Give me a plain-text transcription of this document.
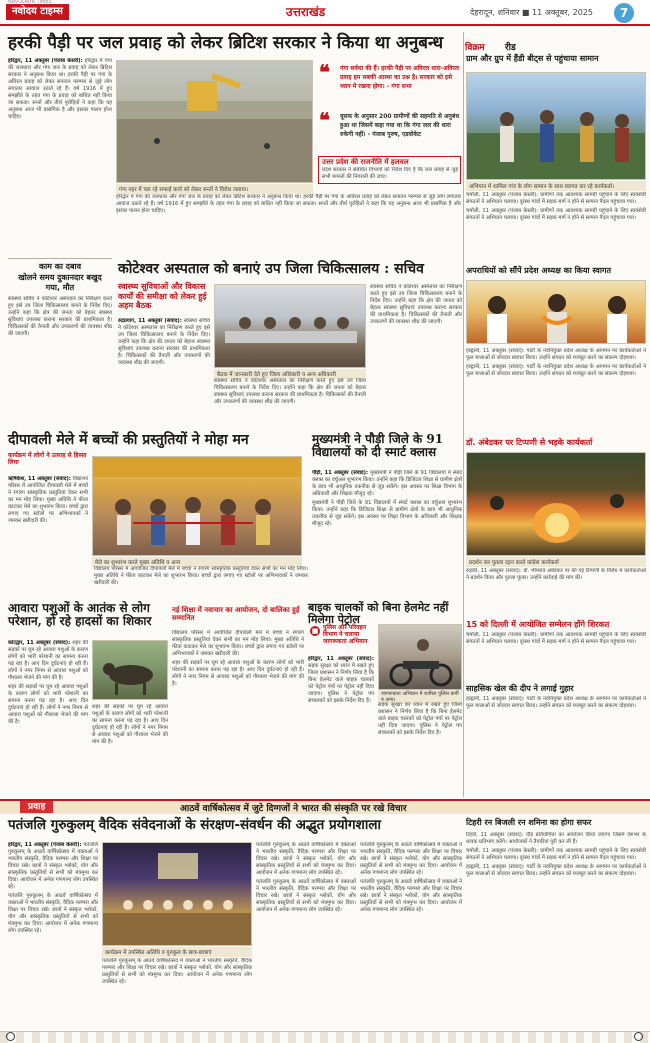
नवोदय टाइम्स
NAVODAYA TIMES
उत्तराखंड	देहरादून, शनिवार ■ 11 अक्तूबर, 2025	7
हरकी पैड़ी पर जल प्रवाह को लेकर ब्रिटिश सरकार ने किया था अनुबन्ध

हरिद्वार, 11 अक्तूबर (पंजाब केसरी): हरिद्वार में गंगा की जलधारा और गंगा जल के प्रवाह को लेकर ब्रिटिश सरकार ने अनुबन्ध किया था। हरकी पैड़ी पर गंगा के अविरल प्रवाह को लेकर सनातन परम्परा से जुड़े लोग लगातार आवाज उठाते रहे हैं। वर्ष 1916 में हुए समझौते के तहत गंगा के प्रवाह को बाधित नहीं किया जा सकता। सन्तों और तीर्थ पुरोहितों ने कहा कि यह अनुबन्ध आज भी प्रासंगिक है और इसका पालन होना चाहिए।

गंगा नहर में चल रहे सफाई कार्य को लेकर सन्तों ने विरोध जताया।
❝ गंगा सर्वथा की हैं। हरकी पैड़ी पर अविरल धारा-अविरल प्रवाह हम सबकी आस्था का प्रश्न है। सरकार को इसे ध्यान में रखना होगा। - गंगा सभा
❝ यूसफ के अनुसार 200 ग्रामीणों की सहमति से अनुबंध हुआ था जिसमें कहा गया था कि गंगा जल की धारा रुकेगी नहीं। - पंजाब पुरुष, एडवोकेट
उत्तर प्रदेश की राजनीति में हलचल
प्रदेश सरकार ने संबंधित विभागों को निर्देश दिए हैं कि जल प्रवाह से जुड़े सभी मामलों की निगरानी की जाए।

हरिद्वार में गंगा की जलधारा और गंगा जल के प्रवाह को लेकर ब्रिटिश सरकार ने अनुबन्ध किया था। हरकी पैड़ी पर गंगा के अविरल प्रवाह को लेकर सनातन परम्परा से जुड़े लोग लगातार आवाज उठाते रहे हैं। वर्ष 1916 में हुए समझौते के तहत गंगा के प्रवाह को बाधित नहीं किया जा सकता। सन्तों और तीर्थ पुरोहितों ने कहा कि यह अनुबन्ध आज भी प्रासंगिक है और इसका पालन होना चाहिए।

काम का दबाव
खोलने समय दुकानदार बखुद गया, मौत

स्वास्थ्य सचिव ने कोटेश्वर अस्पताल का निरीक्षण करते हुए इसे उप जिला चिकित्सालय बनाने के निर्देश दिए। उन्होंने कहा कि क्षेत्र की जनता को बेहतर स्वास्थ्य सुविधाएं उपलब्ध कराना सरकार की प्राथमिकता है। चिकित्सकों की तैनाती और उपकरणों की व्यवस्था शीघ्र की जाएगी।

कोटेश्वर अस्पताल को बनाएं उप जिला चिकित्सालय : सचिव
स्वास्थ्य सुविधाओं और विकास कार्यों की समीक्षा को लेकर हुई अहम बैठक

रुद्रप्रयाग, 11 अक्तूबर (संवाद): स्वास्थ्य सचिव ने कोटेश्वर अस्पताल का निरीक्षण करते हुए इसे उप जिला चिकित्सालय बनाने के निर्देश दिए। उन्होंने कहा कि क्षेत्र की जनता को बेहतर स्वास्थ्य सुविधाएं उपलब्ध कराना सरकार की प्राथमिकता है। चिकित्सकों की तैनाती और उपकरणों की व्यवस्था शीघ्र की जाएगी।

बैठक में जानकारी देते हुए जिला अधिकारी व अन्य अधिकारी

स्वास्थ्य सचिव ने कोटेश्वर अस्पताल का निरीक्षण करते हुए इसे उप जिला चिकित्सालय बनाने के निर्देश दिए। उन्होंने कहा कि क्षेत्र की जनता को बेहतर स्वास्थ्य सुविधाएं उपलब्ध कराना सरकार की प्राथमिकता है। चिकित्सकों की तैनाती और उपकरणों की व्यवस्था शीघ्र की जाएगी।

स्वास्थ्य सचिव ने कोटेश्वर अस्पताल का निरीक्षण करते हुए इसे उप जिला चिकित्सालय बनाने के निर्देश दिए। उन्होंने कहा कि क्षेत्र की जनता को बेहतर स्वास्थ्य सुविधाएं उपलब्ध कराना सरकार की प्राथमिकता है। चिकित्सकों की तैनाती और उपकरणों की व्यवस्था शीघ्र की जाएगी।

दीपावली मेले में बच्चों की प्रस्तुतियों ने मोहा मन
कार्यक्रम में लोगों ने उत्साह से हिस्सा लिया

ऋषिकेश, 11 अक्तूबर (संवाद): विद्यालय परिसर में आयोजित दीपावली मेले में बच्चों ने रंगारंग सांस्कृतिक प्रस्तुतियां देकर सभी का मन मोह लिया। मुख्य अतिथि ने फीता काटकर मेले का शुभारंभ किया। बच्चों द्वारा लगाए गए स्टॉलों पर अभिभावकों ने जमकर खरीदारी की।

मेले का शुभारंभ करते मुख्य अतिथि व अन्य

विद्यालय परिसर में आयोजित दीपावली मेले में बच्चों ने रंगारंग सांस्कृतिक प्रस्तुतियां देकर सभी का मन मोह लिया। मुख्य अतिथि ने फीता काटकर मेले का शुभारंभ किया। बच्चों द्वारा लगाए गए स्टॉलों पर अभिभावकों ने जमकर खरीदारी की।

मुख्यमंत्री ने पौड़ी जिले के 91 विद्यालयों को दी स्मार्ट क्लास

पौड़ी, 11 अक्तूबर (संवाद): मुख्यमंत्री ने पौड़ी जिले के 91 विद्यालयों में स्मार्ट क्लास का वर्चुअल शुभारंभ किया। उन्होंने कहा कि डिजिटल शिक्षा से ग्रामीण क्षेत्रों के छात्र भी आधुनिक तकनीक से जुड़ सकेंगे। इस अवसर पर शिक्षा विभाग के अधिकारी और शिक्षक मौजूद रहे।

मुख्यमंत्री ने पौड़ी जिले के 91 विद्यालयों में स्मार्ट क्लास का वर्चुअल शुभारंभ किया। उन्होंने कहा कि डिजिटल शिक्षा से ग्रामीण क्षेत्रों के छात्र भी आधुनिक तकनीक से जुड़ सकेंगे। इस अवसर पर शिक्षा विभाग के अधिकारी और शिक्षक मौजूद रहे।

आवारा पशुओं के आतंक से लोग परेशान, हो रहे हादसों का शिकार

कोटद्वार, 11 अक्तूबर (संवाद): शहर की सड़कों पर घूम रहे आवारा पशुओं के कारण लोगों को भारी परेशानी का सामना करना पड़ रहा है। आए दिन दुर्घटनाएं हो रही हैं। लोगों ने नगर निगम से आवारा पशुओं को गौशाला भेजने की मांग की है।

शहर की सड़कों पर घूम रहे आवारा पशुओं के कारण लोगों को भारी परेशानी का सामना करना पड़ रहा है। आए दिन दुर्घटनाएं हो रही हैं। लोगों ने नगर निगम से आवारा पशुओं को गौशाला भेजने की मांग की है।

शहर की सड़कों पर घूम रहे आवारा पशुओं के कारण लोगों को भारी परेशानी का सामना करना पड़ रहा है। आए दिन दुर्घटनाएं हो रही हैं। लोगों ने नगर निगम से आवारा पशुओं को गौशाला भेजने की मांग की है।

नई शिक्षा में नवाचार का आयोजन, दो बालिका हुईं सम्मानित

विद्यालय परिसर में आयोजित दीपावली मेले में बच्चों ने रंगारंग सांस्कृतिक प्रस्तुतियां देकर सभी का मन मोह लिया। मुख्य अतिथि ने फीता काटकर मेले का शुभारंभ किया। बच्चों द्वारा लगाए गए स्टॉलों पर अभिभावकों ने जमकर खरीदारी की।

शहर की सड़कों पर घूम रहे आवारा पशुओं के कारण लोगों को भारी परेशानी का सामना करना पड़ रहा है। आए दिन दुर्घटनाएं हो रही हैं। लोगों ने नगर निगम से आवारा पशुओं को गौशाला भेजने की मांग की है।

बाइक चालकों को बिना हेलमेट नहीं मिलेगा पेट्रोल
■ पुलिस और परिवहन विभाग ने चलाया जागरूकता अभियान

हरिद्वार, 11 अक्तूबर (संवाद): सड़क सुरक्षा को ध्यान में रखते हुए जिला प्रशासन ने निर्णय लिया है कि बिना हेलमेट वाले बाइक चालकों को पेट्रोल पंपों पर पेट्रोल नहीं दिया जाएगा। पुलिस ने पेट्रोल पंप संचालकों को इसके निर्देश दिए हैं।

जागरूकता अभियान में शामिल पुलिस कर्मी व अन्य।

सड़क सुरक्षा को ध्यान में रखते हुए जिला प्रशासन ने निर्णय लिया है कि बिना हेलमेट वाले बाइक चालकों को पेट्रोल पंपों पर पेट्रोल नहीं दिया जाएगा। पुलिस ने पेट्रोल पंप संचालकों को इसके निर्देश दिए हैं।

विक्रम रीड
ग्राम और ग्रुप में हैंडी बीट्स से पहुंचाया सामान
अभियान में शामिल गांव के लोग सामान के साथ स्वागत कर रहे कार्यकर्ता।

चमोली, 11 अक्तूबर (पंजाब केसरी): ग्रामीणों तक आवश्यक सामग्री पहुंचाने के लिए स्वयंसेवी संगठनों ने अभियान चलाया। दूरस्थ गांवों में सड़क मार्ग न होने से सामान पैदल पहुंचाया गया।

चमोली, 11 अक्तूबर (पंजाब केसरी): ग्रामीणों तक आवश्यक सामग्री पहुंचाने के लिए स्वयंसेवी संगठनों ने अभियान चलाया। दूरस्थ गांवों में सड़क मार्ग न होने से सामान पैदल पहुंचाया गया।

अपराधियों को सौंपें प्रदेश अध्यक्ष का किया स्वागत

हल्द्वानी, 11 अक्तूबर (संवाद): पार्टी के नवनियुक्त प्रदेश अध्यक्ष के आगमन पर कार्यकर्ताओं ने फूल मालाओं से जोरदार स्वागत किया। उन्होंने संगठन को मजबूत करने का संकल्प दोहराया।

हल्द्वानी, 11 अक्तूबर (संवाद): पार्टी के नवनियुक्त प्रदेश अध्यक्ष के आगमन पर कार्यकर्ताओं ने फूल मालाओं से जोरदार स्वागत किया। उन्होंने संगठन को मजबूत करने का संकल्प दोहराया।

डॉ. अंबेडकर पर टिप्पणी से भड़के कार्यकर्ता
प्रदर्शन कर पुतला दहन करते कांग्रेस कार्यकर्ता

रुड़की, 11 अक्तूबर (संवाद): डॉ. भीमराव अंबेडकर पर की गई टिप्पणी के विरोध में कार्यकर्ताओं ने प्रदर्शन किया और पुतला फूंका। उन्होंने कार्रवाई की मांग की।

15 को दिल्ली में आयोजित सम्मेलन होंगे शिरकत

चमोली, 11 अक्तूबर (पंजाब केसरी): ग्रामीणों तक आवश्यक सामग्री पहुंचाने के लिए स्वयंसेवी संगठनों ने अभियान चलाया। दूरस्थ गांवों में सड़क मार्ग न होने से सामान पैदल पहुंचाया गया।

साहसिक खेल की दीप ने लगाई गुहार

हल्द्वानी, 11 अक्तूबर (संवाद): पार्टी के नवनियुक्त प्रदेश अध्यक्ष के आगमन पर कार्यकर्ताओं ने फूल मालाओं से जोरदार स्वागत किया। उन्होंने संगठन को मजबूत करने का संकल्प दोहराया।

प्रवाह	आठवें वार्षिकोत्सव में जुटे दिग्गजों ने भारत की संस्कृति पर रखे विचार
पतंजलि गुरुकुलम् वैदिक संवेदनाओं के संरक्षण-संवर्धन की अद्भुत प्रयोगशाला

हरिद्वार, 11 अक्तूबर (पंजाब केसरी): पतंजलि गुरुकुलम् के आठवें वार्षिकोत्सव में वक्ताओं ने भारतीय संस्कृति, वैदिक परम्परा और शिक्षा पर विचार रखे। छात्रों ने संस्कृत श्लोकों, योग और सांस्कृतिक प्रस्तुतियों से सभी को मंत्रमुग्ध कर दिया। आयोजन में अनेक गणमान्य लोग उपस्थित रहे।

पतंजलि गुरुकुलम् के आठवें वार्षिकोत्सव में वक्ताओं ने भारतीय संस्कृति, वैदिक परम्परा और शिक्षा पर विचार रखे। छात्रों ने संस्कृत श्लोकों, योग और सांस्कृतिक प्रस्तुतियों से सभी को मंत्रमुग्ध कर दिया। आयोजन में अनेक गणमान्य लोग उपस्थित रहे।

कार्यक्रम में उपस्थित अतिथि व गुरुकुल के छात्र-छात्राएं

पतंजलि गुरुकुलम् के आठवें वार्षिकोत्सव में वक्ताओं ने भारतीय संस्कृति, वैदिक परम्परा और शिक्षा पर विचार रखे। छात्रों ने संस्कृत श्लोकों, योग और सांस्कृतिक प्रस्तुतियों से सभी को मंत्रमुग्ध कर दिया। आयोजन में अनेक गणमान्य लोग उपस्थित रहे।

पतंजलि गुरुकुलम् के आठवें वार्षिकोत्सव में वक्ताओं ने भारतीय संस्कृति, वैदिक परम्परा और शिक्षा पर विचार रखे। छात्रों ने संस्कृत श्लोकों, योग और सांस्कृतिक प्रस्तुतियों से सभी को मंत्रमुग्ध कर दिया। आयोजन में अनेक गणमान्य लोग उपस्थित रहे।

पतंजलि गुरुकुलम् के आठवें वार्षिकोत्सव में वक्ताओं ने भारतीय संस्कृति, वैदिक परम्परा और शिक्षा पर विचार रखे। छात्रों ने संस्कृत श्लोकों, योग और सांस्कृतिक प्रस्तुतियों से सभी को मंत्रमुग्ध कर दिया। आयोजन में अनेक गणमान्य लोग उपस्थित रहे।

पतंजलि गुरुकुलम् के आठवें वार्षिकोत्सव में वक्ताओं ने भारतीय संस्कृति, वैदिक परम्परा और शिक्षा पर विचार रखे। छात्रों ने संस्कृत श्लोकों, योग और सांस्कृतिक प्रस्तुतियों से सभी को मंत्रमुग्ध कर दिया। आयोजन में अनेक गणमान्य लोग उपस्थित रहे।

पतंजलि गुरुकुलम् के आठवें वार्षिकोत्सव में वक्ताओं ने भारतीय संस्कृति, वैदिक परम्परा और शिक्षा पर विचार रखे। छात्रों ने संस्कृत श्लोकों, योग और सांस्कृतिक प्रस्तुतियों से सभी को मंत्रमुग्ध कर दिया। आयोजन में अनेक गणमान्य लोग उपस्थित रहे।

टिहरी रन बिजली रन शमिना का होगा सफर

टिहरी, 11 अक्तूबर (संवाद): दौड़ प्रतियोगिता का आयोजन किया जाएगा जिसमें देशभर के धावक प्रतिभाग करेंगे। आयोजकों ने तैयारियां पूरी कर ली हैं।

चमोली, 11 अक्तूबर (पंजाब केसरी): ग्रामीणों तक आवश्यक सामग्री पहुंचाने के लिए स्वयंसेवी संगठनों ने अभियान चलाया। दूरस्थ गांवों में सड़क मार्ग न होने से सामान पैदल पहुंचाया गया।

हल्द्वानी, 11 अक्तूबर (संवाद): पार्टी के नवनियुक्त प्रदेश अध्यक्ष के आगमन पर कार्यकर्ताओं ने फूल मालाओं से जोरदार स्वागत किया। उन्होंने संगठन को मजबूत करने का संकल्प दोहराया।
